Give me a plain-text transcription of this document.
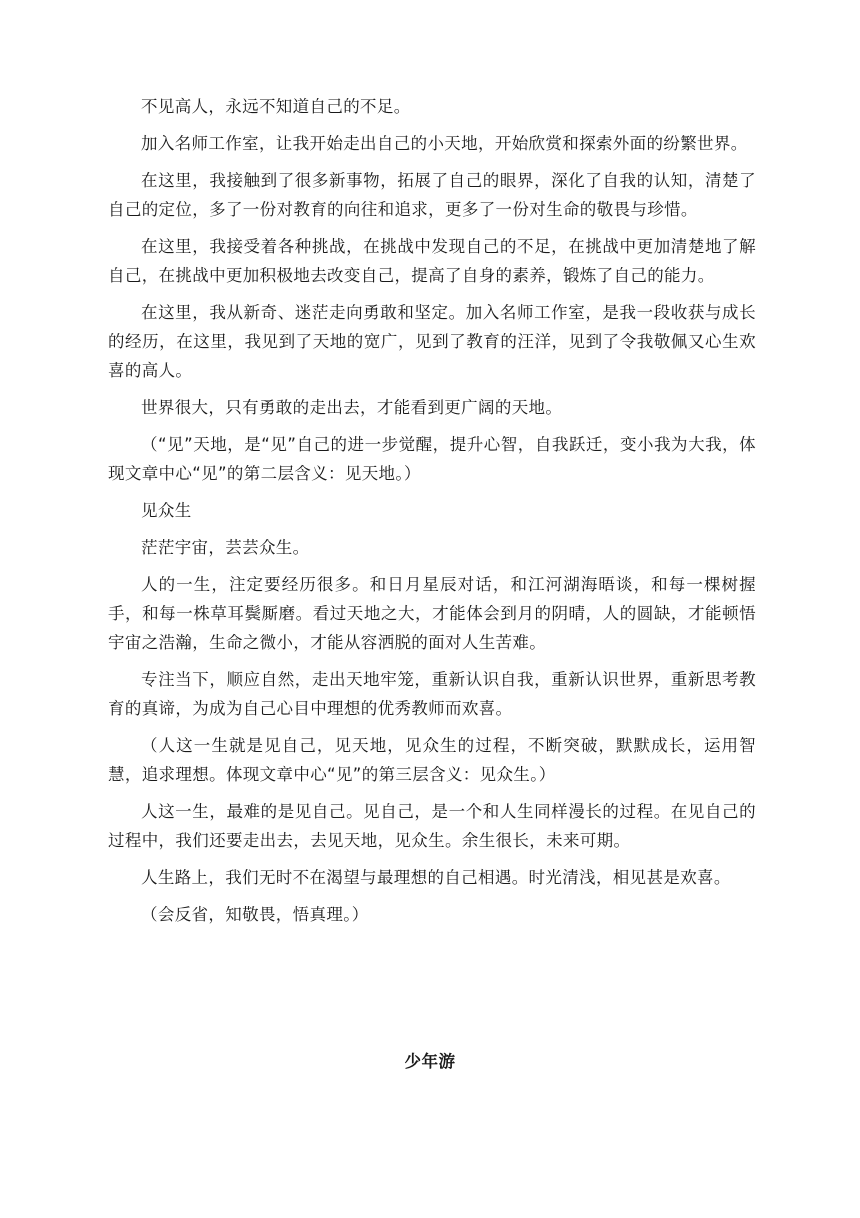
不见高人，永远不知道自己的不足。

加入名师工作室，让我开始走出自己的小天地，开始欣赏和探索外面的纷繁世界。

在这里，我接触到了很多新事物，拓展了自己的眼界，深化了自我的认知，清楚了自己的定位，多了一份对教育的向往和追求，更多了一份对生命的敬畏与珍惜。

在这里，我接受着各种挑战，在挑战中发现自己的不足，在挑战中更加清楚地了解自己，在挑战中更加积极地去改变自己，提高了自身的素养，锻炼了自己的能力。

在这里，我从新奇、迷茫走向勇敢和坚定。加入名师工作室，是我一段收获与成长的经历，在这里，我见到了天地的宽广，见到了教育的汪洋，见到了令我敬佩又心生欢喜的高人。

世界很大，只有勇敢的走出去，才能看到更广阔的天地。

（“见”天地，是“见”自己的进一步觉醒，提升心智，自我跃迁，变小我为大我，体现文章中心“见”的第二层含义：见天地。）

见众生

茫茫宇宙，芸芸众生。

人的一生，注定要经历很多。和日月星辰对话，和江河湖海晤谈，和每一棵树握手，和每一株草耳鬓厮磨。看过天地之大，才能体会到月的阴晴，人的圆缺，才能顿悟宇宙之浩瀚，生命之微小，才能从容洒脱的面对人生苦难。

专注当下，顺应自然，走出天地牢笼，重新认识自我，重新认识世界，重新思考教育的真谛，为成为自己心目中理想的优秀教师而欢喜。

（人这一生就是见自己，见天地，见众生的过程，不断突破，默默成长，运用智慧，追求理想。体现文章中心“见”的第三层含义：见众生。）

人这一生，最难的是见自己。见自己，是一个和人生同样漫长的过程。在见自己的过程中，我们还要走出去，去见天地，见众生。余生很长，未来可期。

人生路上，我们无时不在渴望与最理想的自己相遇。时光清浅，相见甚是欢喜。

（会反省，知敬畏，悟真理。）

少年游
